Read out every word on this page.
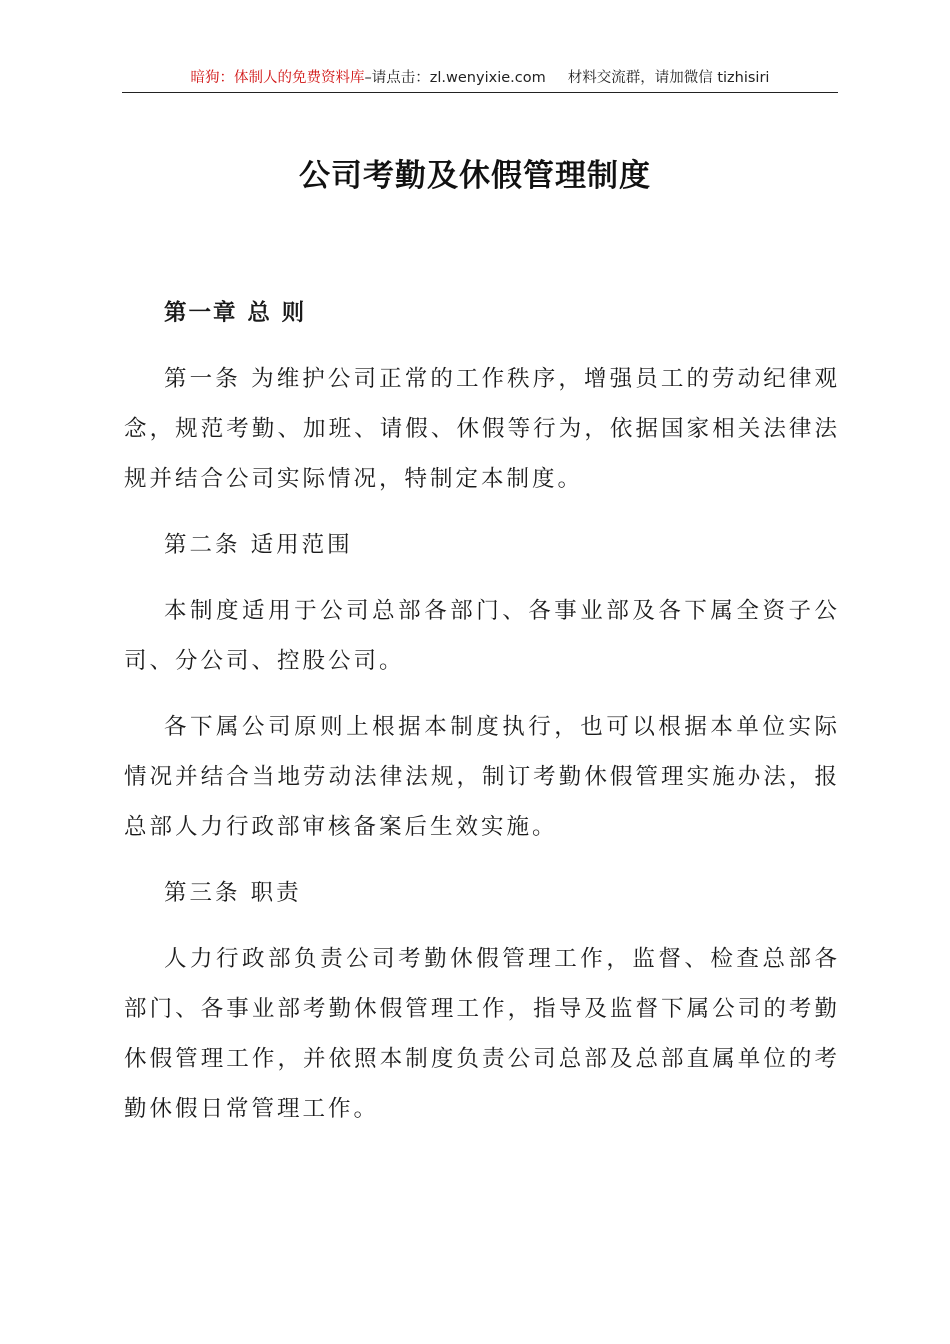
暗狗：体制人的免费资料库–请点击：zl.wenyixie.com 材料交流群，请加微信 tizhisiri
公司考勤及休假管理制度

第一章 总 则

第一条 为维护公司正常的工作秩序，增强员工的劳动纪律观念，规范考勤、加班、请假、休假等行为，依据国家相关法律法规并结合公司实际情况，特制定本制度。

第二条 适用范围

本制度适用于公司总部各部门、各事业部及各下属全资子公司、分公司、控股公司。

各下属公司原则上根据本制度执行，也可以根据本单位实际情况并结合当地劳动法律法规，制订考勤休假管理实施办法，报总部人力行政部审核备案后生效实施。

第三条 职责

人力行政部负责公司考勤休假管理工作，监督、检查总部各部门、各事业部考勤休假管理工作，指导及监督下属公司的考勤休假管理工作，并依照本制度负责公司总部及总部直属单位的考勤休假日常管理工作。
